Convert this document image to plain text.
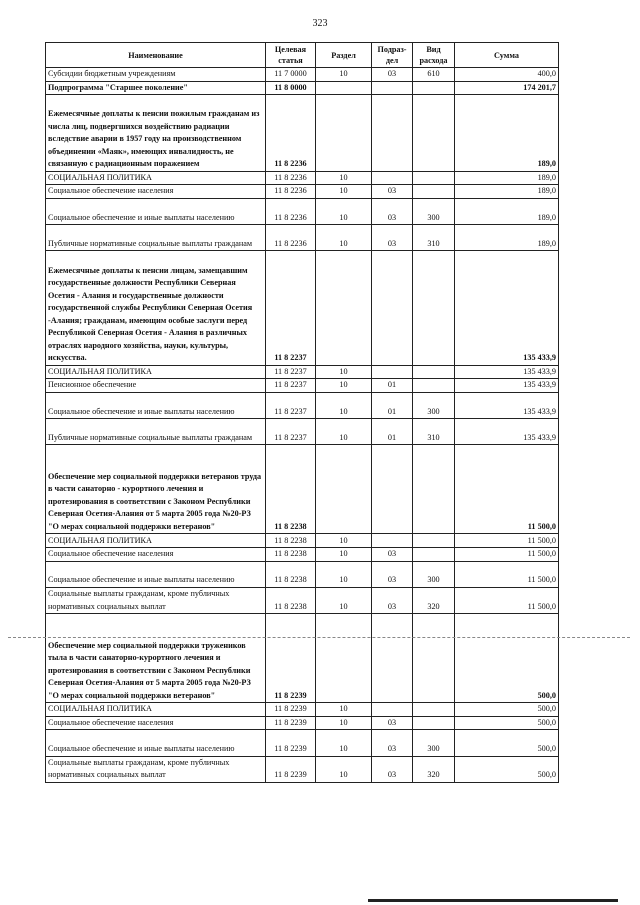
323
Наименование	Целевая статья	Раздел	Подраз- дел	Вид расхода	Сумма
Субсидии бюджетным учреждениям	11 7 0000	10	03	610	400,0
Подпрограмма "Старшее поколение"	11 8 0000				174 201,7
Ежемесячные доплаты к пенсии пожилым гражданам из числа лиц, подвергшихся воздействию радиации вследствие аварии в 1957 году на производственном объединении «Маяк», имеющих инвалидность, не связанную с радиационным поражением	11 8 2236				189,0
СОЦИАЛЬНАЯ ПОЛИТИКА	11 8 2236	10			189,0
Социальное обеспечение населения	11 8 2236	10	03		189,0
Социальное обеспечение и иные выплаты населению	11 8 2236	10	03	300	189,0
Публичные нормативные социальные выплаты гражданам	11 8 2236	10	03	310	189,0
Ежемесячные доплаты к пенсии лицам, замещавшим государственные должности Республики Северная Осетия - Алания и государственные должности государственной службы Республики Северная Осетия -Алания; гражданам, имеющим особые заслуги перед Республикой Северная Осетия - Алания в различных отраслях народного хозяйства, науки, культуры, искусства.	11 8 2237				135 433,9
СОЦИАЛЬНАЯ ПОЛИТИКА	11 8 2237	10			135 433,9
Пенсионное обеспечение	11 8 2237	10	01		135 433,9
Социальное обеспечение и иные выплаты населению	11 8 2237	10	01	300	135 433,9
Публичные нормативные социальные выплаты гражданам	11 8 2237	10	01	310	135 433,9
Обеспечение мер социальной поддержки ветеранов труда в части санаторно - курортного лечения и протезирования в соответствии с Законом Республики Северная Осетия-Алания от 5 марта 2005 года №20-РЗ "О мерах социальной поддержки ветеранов"	11 8 2238				11 500,0
СОЦИАЛЬНАЯ ПОЛИТИКА	11 8 2238	10			11 500,0
Социальное обеспечение населения	11 8 2238	10	03		11 500,0
Социальное обеспечение и иные выплаты населению	11 8 2238	10	03	300	11 500,0
Социальные выплаты гражданам, кроме публичных нормативных социальных выплат	11 8 2238	10	03	320	11 500,0
Обеспечение мер социальной поддержки тружеников тыла в части санаторно-курортного лечения и протезирования в соответствии с Законом Республики Северная Осетия-Алания от 5 марта 2005 года №20-РЗ "О мерах социальной поддержки ветеранов"	11 8 2239				500,0
СОЦИАЛЬНАЯ ПОЛИТИКА	11 8 2239	10			500,0
Социальное обеспечение населения	11 8 2239	10	03		500,0
Социальное обеспечение и иные выплаты населению	11 8 2239	10	03	300	500,0
Социальные выплаты гражданам, кроме публичных нормативных социальных выплат	11 8 2239	10	03	320	500,0
